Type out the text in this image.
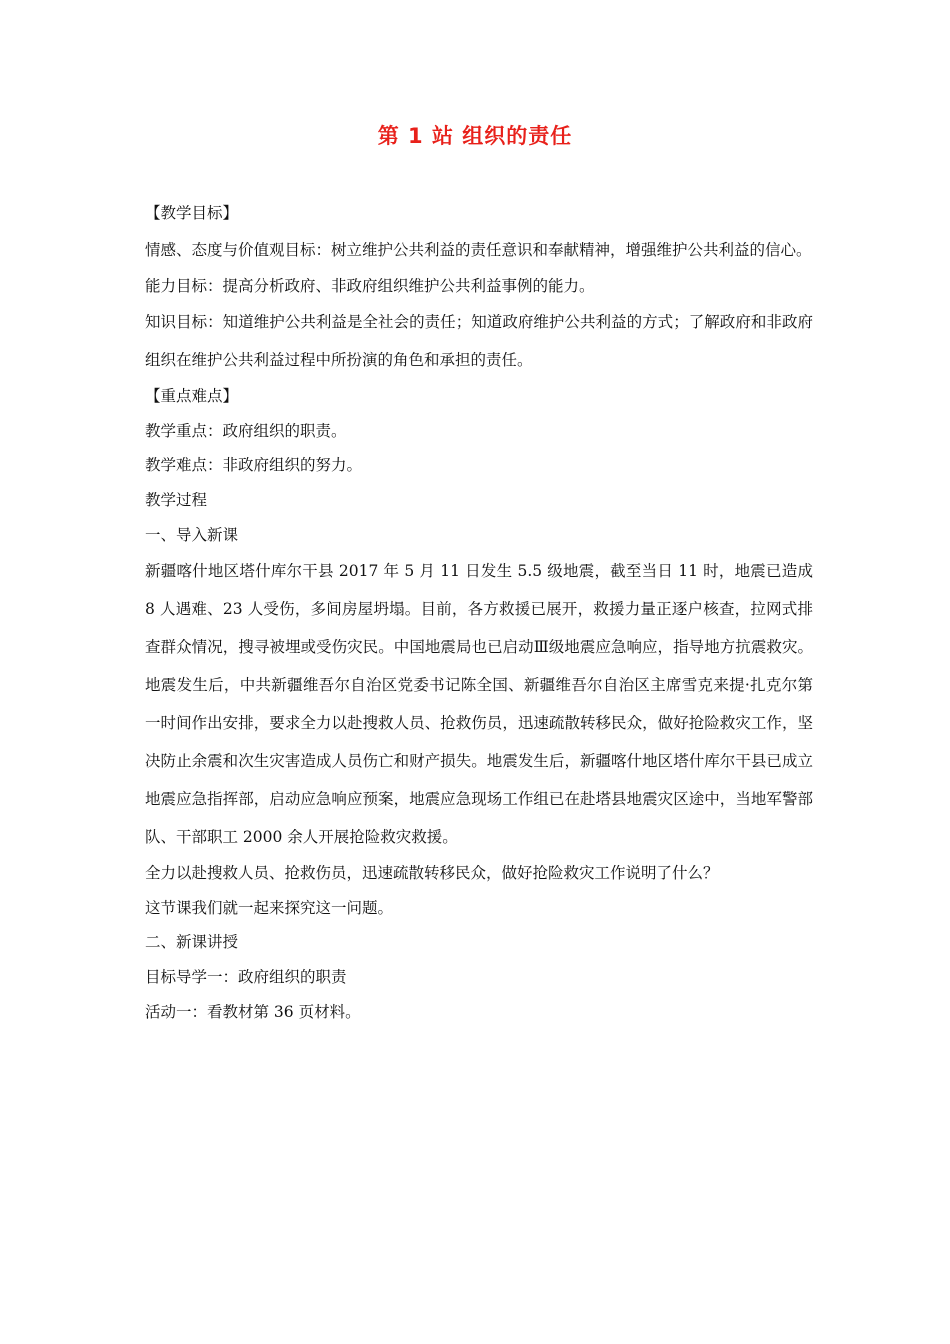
第 1 站 组织的责任

【教学目标】

情感、态度与价值观目标：树立维护公共利益的责任意识和奉献精神，增强维护公共利益的信心。

能力目标：提高分析政府、非政府组织维护公共利益事例的能力。

知识目标：知道维护公共利益是全社会的责任；知道政府维护公共利益的方式；了解政府和非政府组织在维护公共利益过程中所扮演的角色和承担的责任。

【重点难点】

教学重点：政府组织的职责。

教学难点：非政府组织的努力。

教学过程

一、导入新课

新疆喀什地区塔什库尔干县 2017 年 5 月 11 日发生 5.5 级地震，截至当日 11 时，地震已造成 8 人遇难、23 人受伤，多间房屋坍塌。目前，各方救援已展开，救援力量正逐户核查，拉网式排查群众情况，搜寻被埋或受伤灾民。中国地震局也已启动Ⅲ级地震应急响应，指导地方抗震救灾。地震发生后，中共新疆维吾尔自治区党委书记陈全国、新疆维吾尔自治区主席雪克来提·扎克尔第一时间作出安排，要求全力以赴搜救人员、抢救伤员，迅速疏散转移民众，做好抢险救灾工作，坚决防止余震和次生灾害造成人员伤亡和财产损失。地震发生后，新疆喀什地区塔什库尔干县已成立地震应急指挥部，启动应急响应预案，地震应急现场工作组已在赴塔县地震灾区途中，当地军警部队、干部职工 2000 余人开展抢险救灾救援。

全力以赴搜救人员、抢救伤员，迅速疏散转移民众，做好抢险救灾工作说明了什么？

这节课我们就一起来探究这一问题。

二、新课讲授

目标导学一：政府组织的职责

活动一：看教材第 36 页材料。
